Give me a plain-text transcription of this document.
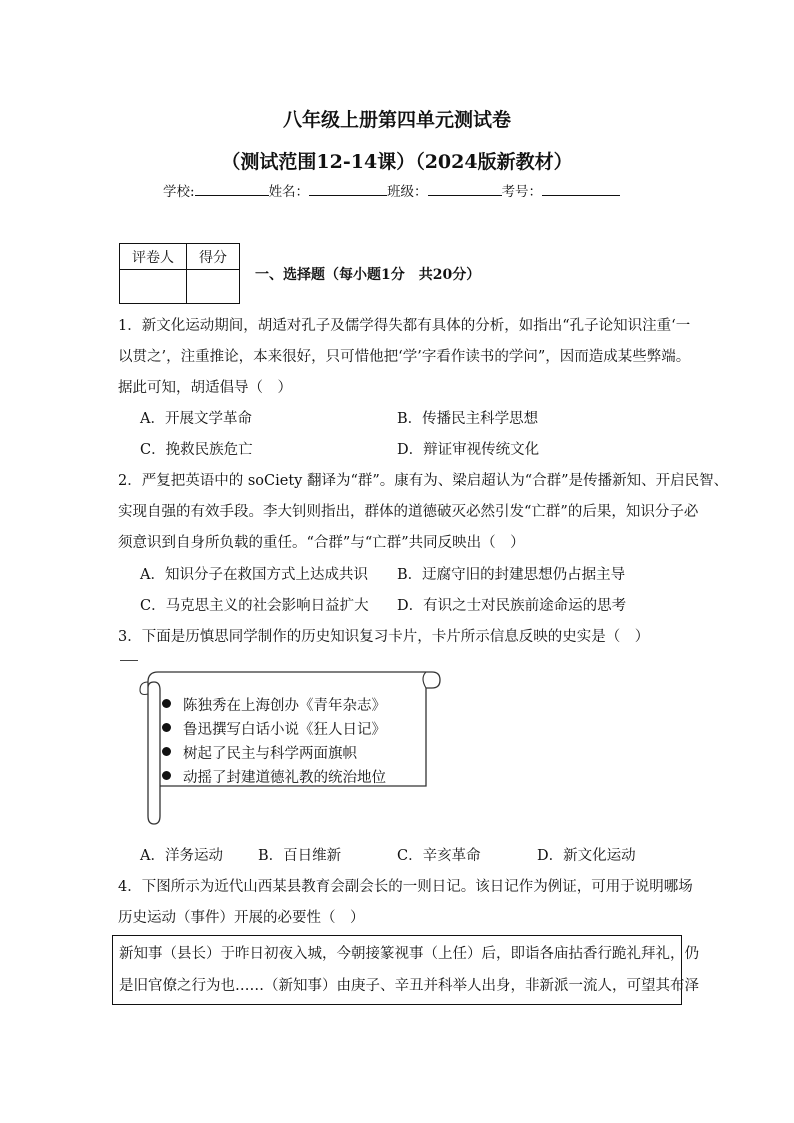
八年级上册第四单元测试卷
（测试范围12-14课）（2024版新教材）
学校:	姓名：	班级：	考号：
评卷人	得分

一、选择题（每小题1分　共20分）
1．新文化运动期间，胡适对孔子及儒学得失都有具体的分析，如指出“孔子论知识注重‘一
以贯之’，注重推论，本来很好，只可惜他把‘学’字看作读书的学问”，因而造成某些弊端。
据此可知，胡适倡导（　）
A．开展文学革命	B．传播民主科学思想
C．挽救民族危亡	D．辩证审视传统文化
2．严复把英语中的 soCiety 翻译为“群”。康有为、梁启超认为“合群”是传播新知、开启民智、
实现自强的有效手段。李大钊则指出，群体的道德破灭必然引发“亡群”的后果，知识分子必
须意识到自身所负载的重任。“合群”与“亡群”共同反映出（　）
A．知识分子在救国方式上达成共识 B．迂腐守旧的封建思想仍占据主导
C．马克思主义的社会影响日益扩大 D．有识之士对民族前途命运的思考
3．下面是历慎思同学制作的历史知识复习卡片，卡片所示信息反映的史实是（　）
陈独秀在上海创办《青年杂志》
鲁迅撰写白话小说《狂人日记》
树起了民主与科学两面旗帜
动摇了封建道德礼教的统治地位
A．洋务运动 B．百日维新	C．辛亥革命	D．新文化运动
4．下图所示为近代山西某县教育会副会长的一则日记。该日记作为例证，可用于说明哪场
历史运动（事件）开展的必要性（　）
新知事（县长）于昨日初夜入城，今朝接篆视事（上任）后，即诣各庙拈香行跪礼拜礼，仍
是旧官僚之行为也……（新知事）由庚子、辛丑并科举人出身，非新派一流人，可望其布泽
